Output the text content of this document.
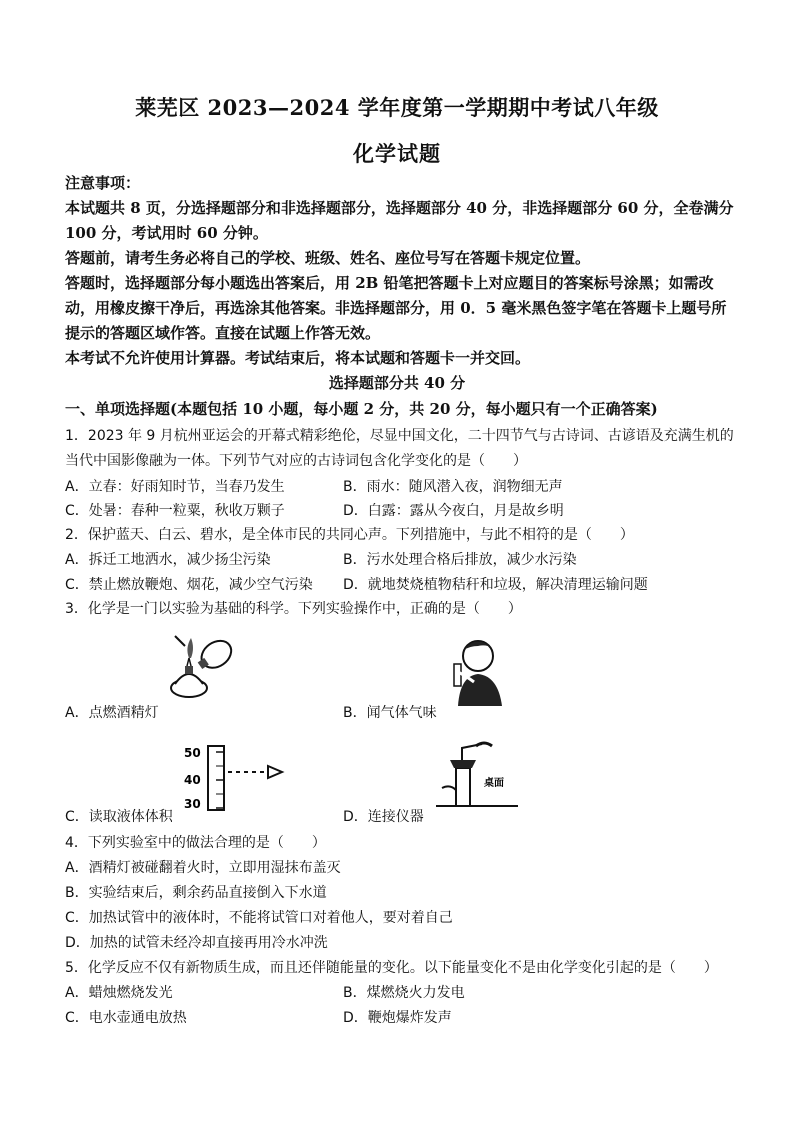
莱芜区 2023—2024 学年度第一学期期中考试八年级
化学试题
注意事项：

本试题共 8 页，分选择题部分和非选择题部分，选择题部分 40 分，非选择题部分 60 分，全卷满分 100 分，考试用时 60 分钟。

答题前，请考生务必将自己的学校、班级、姓名、座位号写在答题卡规定位置。

答题时，选择题部分每小题选出答案后，用 2B 铅笔把答题卡上对应题目的答案标号涂黑；如需改动，用橡皮擦干净后，再选涂其他答案。非选择题部分，用 0．5 毫米黑色签字笔在答题卡上题号所提示的答题区域作答。直接在试题上作答无效。

本考试不允许使用计算器。考试结束后，将本试题和答题卡一并交回。

选择题部分共 40 分
一、单项选择题(本题包括 10 小题，每小题 2 分，共 20 分，每小题只有一个正确答案)
1．2023 年 9 月杭州亚运会的开幕式精彩绝伦，尽显中国文化，二十四节气与古诗词、古谚语及充满生机的当代中国影像融为一体。下列节气对应的古诗词包含化学变化的是（　　）
A．立春：好雨知时节，当春乃发生	B．雨水：随风潜入夜，润物细无声
C．处暑：春种一粒粟，秋收万颗子	D．白露：露从今夜白，月是故乡明
2．保护蓝天、白云、碧水，是全体市民的共同心声。下列措施中，与此不相符的是（　　）
A．拆迁工地洒水，减少扬尘污染	B．污水处理合格后排放，减少水污染
C．禁止燃放鞭炮、烟花，减少空气污染 D．就地焚烧植物秸秆和垃圾，解决清理运输问题
3．化学是一门以实验为基础的科学。下列实验操作中，正确的是（　　）
A．点燃酒精灯	B．闻气体气味
50
40
30
桌面
C．读取液体体积	D．连接仪器
4．下列实验室中的做法合理的是（　　）
A．酒精灯被碰翻着火时，立即用湿抹布盖灭
B．实验结束后，剩余药品直接倒入下水道
C．加热试管中的液体时，不能将试管口对着他人，要对着自己
D．加热的试管未经冷却直接再用冷水冲洗
5．化学反应不仅有新物质生成，而且还伴随能量的变化。以下能量变化不是由化学变化引起的是（　　）
A．蜡烛燃烧发光	B．煤燃烧火力发电
C．电水壶通电放热	D．鞭炮爆炸发声
